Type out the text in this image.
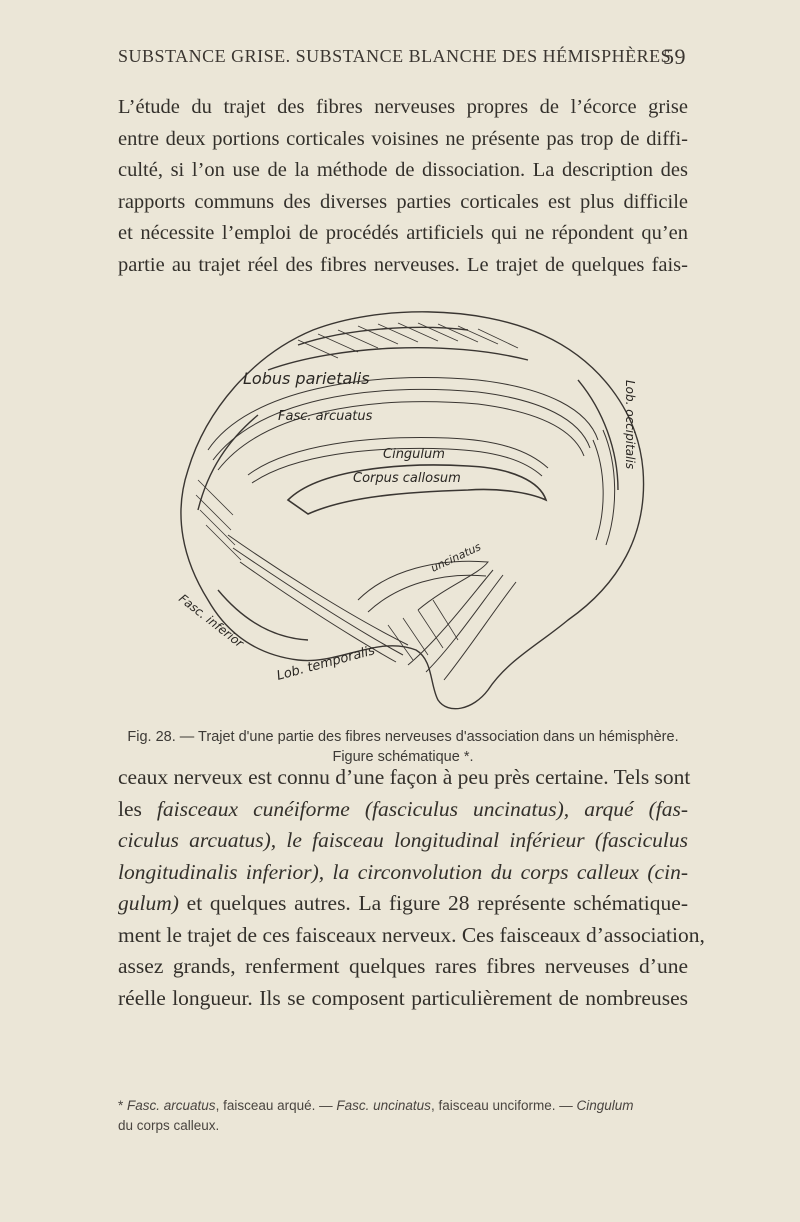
SUBSTANCE GRISE. SUBSTANCE BLANCHE DES HÉMISPHÈRES
59
L’étude du trajet des fibres nerveuses propres de l’écorce grise
entre deux portions corticales voisines ne présente pas trop de diffi-
culté, si l’on use de la méthode de dissociation. La description des
rapports communs des diverses parties corticales est plus difficile
et nécessite l’emploi de procédés artificiels qui ne répondent qu’en
partie au trajet réel des fibres nerveuses. Le trajet de quelques fais-
Lobus parietalis
Fasc. arcuatus
Cingulum
Corpus callosum
uncinatus
Fasc. inferior
Lob. temporalis
Lob. occipitalis
Fig. 28. — Trajet d'une partie des fibres nerveuses d'association dans un hémisphère.
Figure schématique *.
ceaux nerveux est connu d’une façon à peu près certaine. Tels sont
les faisceaux cunéiforme (fasciculus uncinatus), arqué (fas-
ciculus arcuatus), le faisceau longitudinal inférieur (fasciculus
longitudinalis inferior), la circonvolution du corps calleux (cin-
gulum) et quelques autres. La figure 28 représente schématique-
ment le trajet de ces faisceaux nerveux. Ces faisceaux d’association,
assez grands, renferment quelques rares fibres nerveuses d’une
réelle longueur. Ils se composent particulièrement de nombreuses
* Fasc. arcuatus, faisceau arqué. — Fasc. uncinatus, faisceau unciforme. — Cingulum
du corps calleux.
